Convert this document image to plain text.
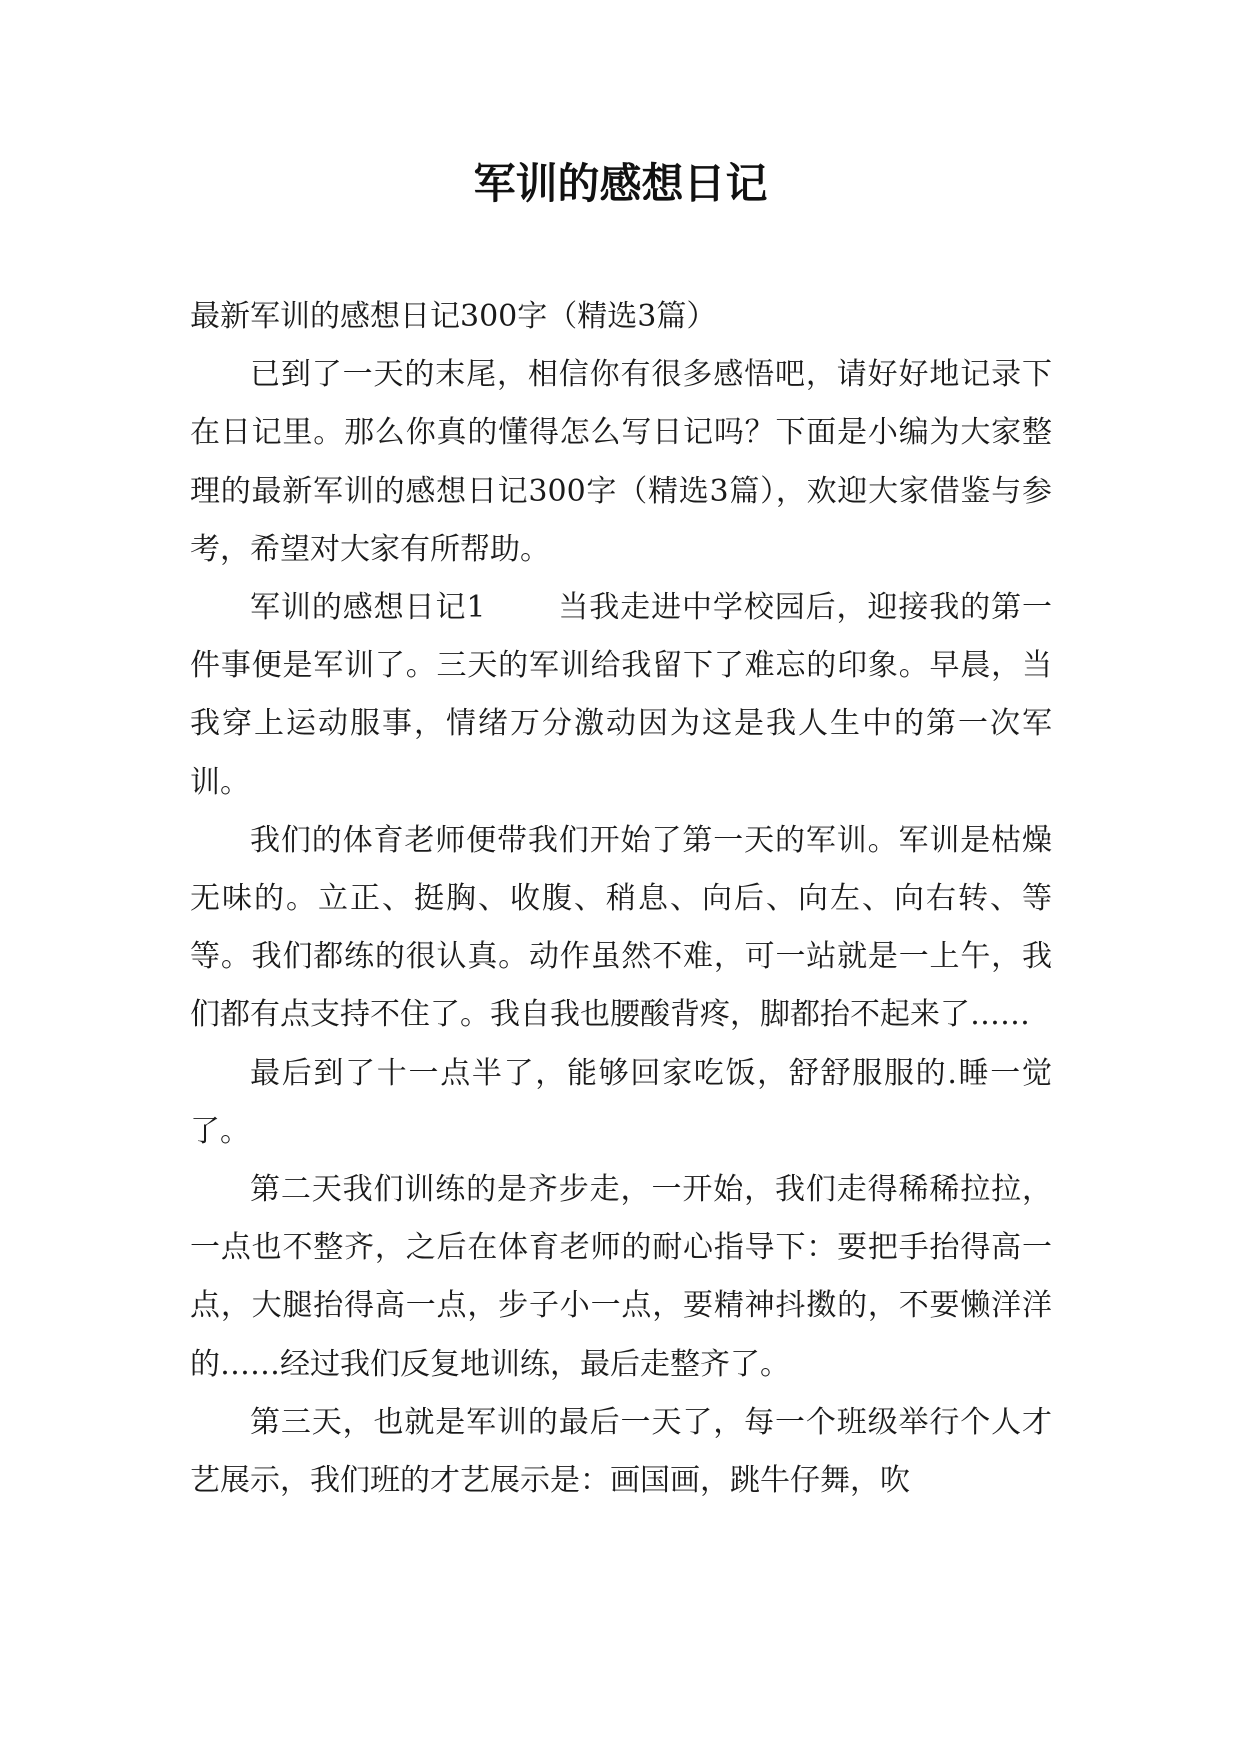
军训的感想日记

最新军训的感想日记300字（精选3篇）

已到了一天的末尾，相信你有很多感悟吧，请好好地记录下在日记里。那么你真的懂得怎么写日记吗？下面是小编为大家整理的最新军训的感想日记300字（精选3篇），欢迎大家借鉴与参考，希望对大家有所帮助。

军训的感想日记1 当我走进中学校园后，迎接我的第一件事便是军训了。三天的军训给我留下了难忘的印象。早晨，当我穿上运动服事，情绪万分激动因为这是我人生中的第一次军训。

我们的体育老师便带我们开始了第一天的军训。军训是枯燥无味的。立正、挺胸、收腹、稍息、向后、向左、向右转、等等。我们都练的很认真。动作虽然不难，可一站就是一上午，我们都有点支持不住了。我自我也腰酸背疼，脚都抬不起来了……

最后到了十一点半了，能够回家吃饭，舒舒服服的.睡一觉了。

第二天我们训练的是齐步走，一开始，我们走得稀稀拉拉，一点也不整齐，之后在体育老师的耐心指导下：要把手抬得高一点，大腿抬得高一点，步子小一点，要精神抖擞的，不要懒洋洋的……经过我们反复地训练，最后走整齐了。

第三天，也就是军训的最后一天了，每一个班级举行个人才艺展示，我们班的才艺展示是：画国画，跳牛仔舞，吹
